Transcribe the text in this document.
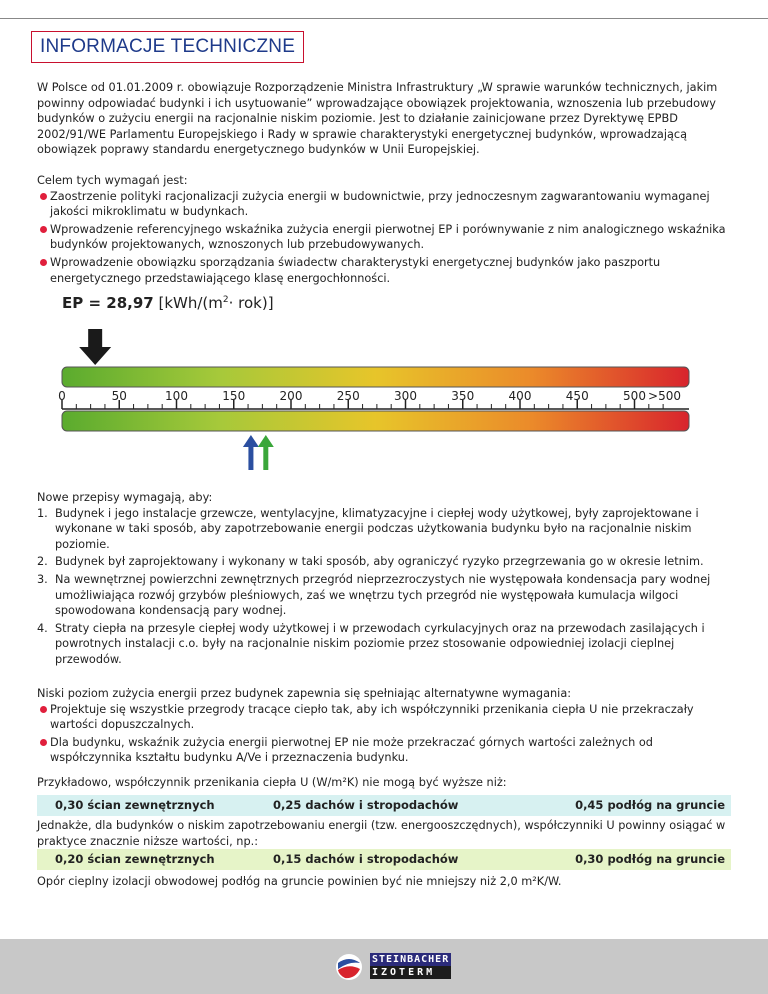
INFORMACJE TECHNICZNE

W Polsce od 01.01.2009 r. obowiązuje Rozporządzenie Ministra Infrastruktury „W sprawie warunków technicznych, jakim powinny odpowiadać budynki i ich usytuowanie” wprowadzające obowiązek projektowania, wznoszenia lub przebudowy budynków o zużyciu energii na racjonalnie niskim poziomie. Jest to działanie zainicjowane przez Dyrektywę EPBD 2002/91/WE Parlamentu Europejskiego i Rady w sprawie charakterystyki energetycznej budynków, wprowadzającą obowiązek poprawy standardu energetycznego budynków w Unii Europejskiej.

Celem tych wymagań jest:

Zaostrzenie polityki racjonalizacji zużycia energii w budownictwie, przy jednoczesnym zagwarantowaniu wymaganej jakości mikroklimatu w budynkach.
Wprowadzenie referencyjnego wskaźnika zużycia energii pierwotnej EP i porównywanie z nim analogicznego wskaźnika budynków projektowanych, wznoszonych lub przebudowywanych.
Wprowadzenie obowiązku sporządzania świadectw charakterystyki energetycznej budynków jako paszportu energetycznego przedstawiającego klasę energochłonności.
EP = 28,97 $[kWh/(m^2\cdot rok)]$
0	50	100	150	200	250	300	350	400	450	500 >500

Nowe przepisy wymagają, aby:

1. Budynek i jego instalacje grzewcze, wentylacyjne, klimatyzacyjne i ciepłej wody użytkowej, były zaprojektowane i wykonane w taki sposób, aby zapotrzebowanie energii podczas użytkowania budynku było na racjonalnie niskim poziomie.
2. Budynek był zaprojektowany i wykonany w taki sposób, aby ograniczyć ryzyko przegrzewania go w okresie letnim.
3. Na wewnętrznej powierzchni zewnętrznych przegród nieprzezroczystych nie występowała kondensacja pary wodnej umożliwiająca rozwój grzybów pleśniowych, zaś we wnętrzu tych przegród nie występowała kumulacja wilgoci spowodowana kondensacją pary wodnej.
4. Straty ciepła na przesyle ciepłej wody użytkowej i w przewodach cyrkulacyjnych oraz na przewodach zasilających i powrotnych instalacji c.o. były na racjonalnie niskim poziomie przez stosowanie odpowiedniej izolacji cieplnej przewodów.

Niski poziom zużycia energii przez budynek zapewnia się spełniając alternatywne wymagania:

Projektuje się wszystkie przegrody tracące ciepło tak, aby ich współczynniki przenikania ciepła U nie przekraczały wartości dopuszczalnych.
Dla budynku, wskaźnik zużycia energii pierwotnej EP nie może przekraczać górnych wartości zależnych od współczynnika kształtu budynku A/Ve i przeznaczenia budynku.

Przykładowo, współczynnik przenikania ciepła U (W/m²K) nie mogą być wyższe niż:

0,30 ścian zewnętrznych	0,25 dachów i stropodachów	0,45 podłóg na gruncie

Jednakże, dla budynków o niskim zapotrzebowaniu energii (tzw. energooszczędnych), współczynniki U powinny osiągać w praktyce znacznie niższe wartości, np.:

0,20 ścian zewnętrznych	0,15 dachów i stropodachów	0,30 podłóg na gruncie

Opór cieplny izolacji obwodowej podłóg na gruncie powinien być nie mniejszy niż 2,0 m²K/W.

STEINBACHER
IZOTERM
